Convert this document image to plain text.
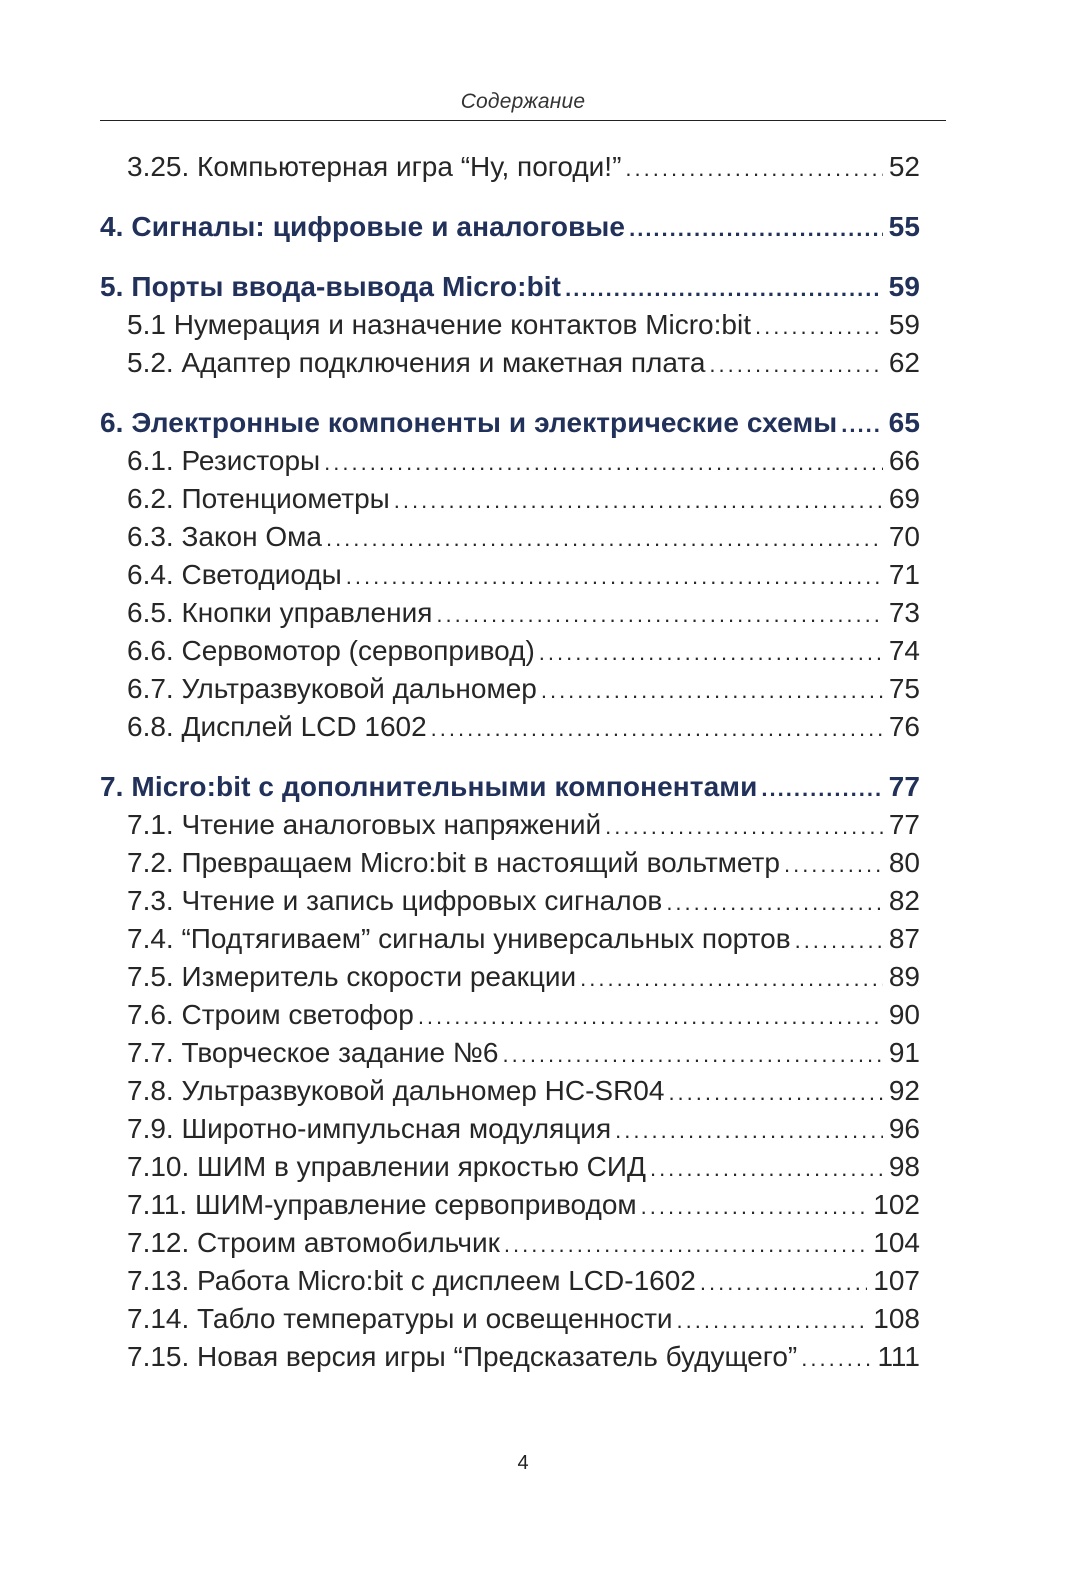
Содержание
3.25. Компьютерная игра “Ну, погоди!” .....	52
4. Сигналы: цифровые и аналоговые .....	55
5. Порты ввода-вывода Micro:bit .....	59
5.1 Нумерация и назначение контактов Micro:bit .....	59
5.2. Адаптер подключения и макетная плата .....	62
6. Электронные компоненты и электрические схемы ..... 65
6.1. Резисторы .....	66
6.2. Потенциометры .....	69
6.3. Закон Ома .....	70
6.4. Светодиоды .....	71
6.5. Кнопки управления .....	73
6.6. Сервомотор (сервопривод) .....	74
6.7. Ультразвуковой дальномер .....	75
6.8. Дисплей LCD 1602 .....	76
7. Micro:bit с дополнительными компонентами .....	77
7.1. Чтение аналоговых напряжений .....	77
7.2. Превращаем Micro:bit в настоящий вольтметр .....	80
7.3. Чтение и запись цифровых сигналов .....	82
7.4. “Подтягиваем” сигналы универсальных портов .....	87
7.5. Измеритель скорости реакции .....	89
7.6. Строим светофор .....	90
7.7. Творческое задание №6 .....	91
7.8. Ультразвуковой дальномер HC-SR04 .....	92
7.9. Широтно-импульсная модуляция .....	96
7.10. ШИМ в управлении яркостью СИД .....	98
7.11. ШИМ-управление сервоприводом .....	102
7.12. Строим автомобильчик .....	104
7.13. Работа Micro:bit с дисплеем LCD-1602 .....	107
7.14. Табло температуры и освещенности .....	108
7.15. Новая версия игры “Предсказатель будущего” .....	111
4
